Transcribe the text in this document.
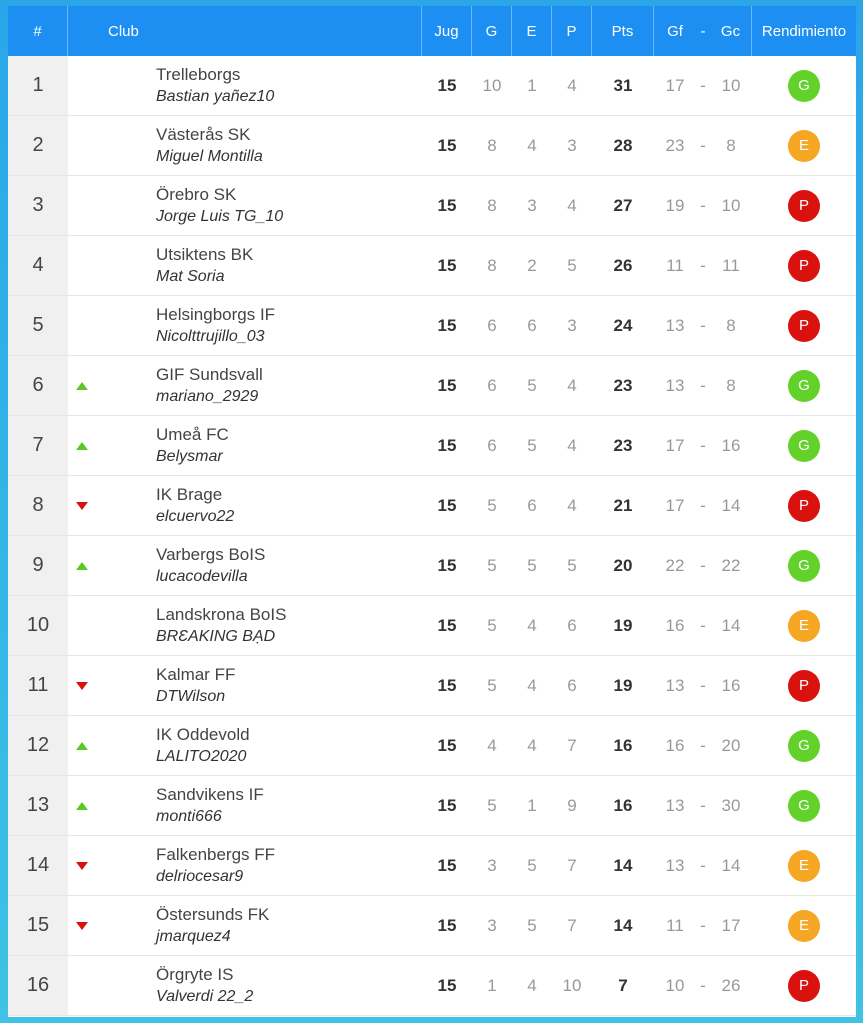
#	Club	Jug	G	E	P	Pts	Gf	-	Gc	Rendimiento
1	Trelleborgs
Bastian yañez10
15	10	1	4	31	17 - 10	G
2	Västerås SK
Miguel Montilla
15	8	4	3	28	23 -	8	E
3	Örebro SK
Jorge Luis TG_10
15	8	3	4	27	19 - 10	P
4	Utsiktens BK
Mat Soria
15	8	2	5	26	11 - 11	P
5	Helsingborgs IF
Nicolttrujillo_03
15	6	6	3	24	13 -	8	P
6	GIF Sundsvall
mariano_2929
15	6	5	4	23	13 -	8	G
7	Umeå FC
Belysmar
15	6	5	4	23	17 - 16	G
8	IK Brage
elcuervo22
15	5	6	4	21	17 - 14	P
9	Varbergs BoIS
lucacodevilla
15	5	5	5	20	22 - 22	G
10	Landskrona BoIS
BRƐAKING BẠD
15	5	4	6	19	16 - 14	E
11	Kalmar FF
DTWilson
15	5	4	6	19	13 - 16	P
12	IK Oddevold
LALITO2020
15	4	4	7	16	16 - 20	G
13	Sandvikens IF
monti666
15	5	1	9	16	13 - 30	G
14	Falkenbergs FF
delriocesar9
15	3	5	7	14	13 - 14	E
15	Östersunds FK
jmarquez4
15	3	5	7	14	11 - 17	E
16	Örgryte IS
Valverdi 22_2
15	1	4	10	7	10 - 26	P
